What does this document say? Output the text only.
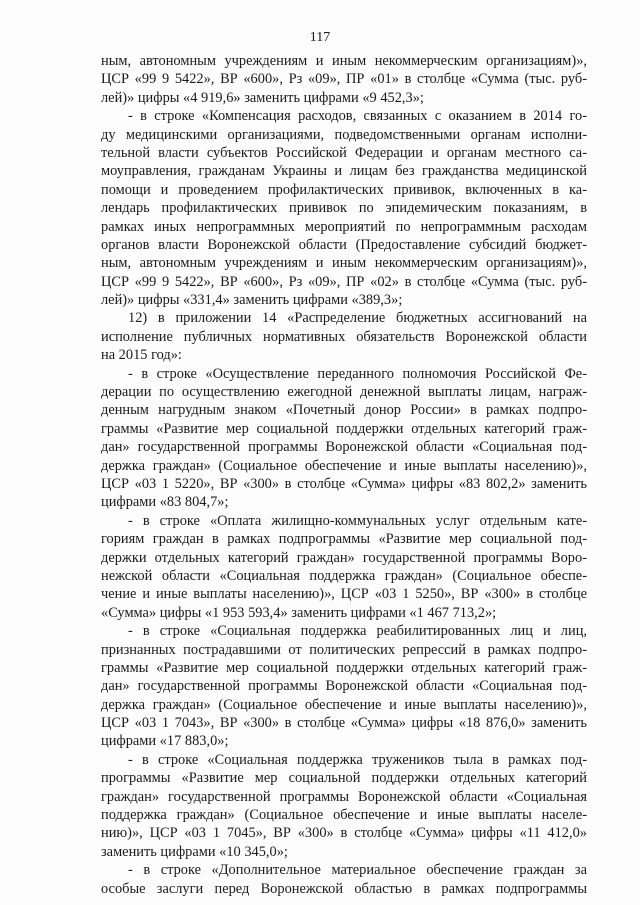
117
ным, автономным учреждениям и иным некоммерческим организациям)»,
ЦСР «99 9 5422», ВР «600», Рз «09», ПР «01» в столбце «Сумма (тыс. руб-
лей)» цифры «4 919,6» заменить цифрами «9 452,3»;
- в строке «Компенсация расходов, связанных с оказанием в 2014 го-
ду медицинскими организациями, подведомственными органам исполни-
тельной власти субъектов Российской Федерации и органам местного са-
моуправления, гражданам Украины и лицам без гражданства медицинской
помощи и проведением профилактических прививок, включенных в ка-
лендарь профилактических прививок по эпидемическим показаниям, в
рамках иных непрограммных мероприятий по непрограммным расходам
органов власти Воронежской области (Предоставление субсидий бюджет-
ным, автономным учреждениям и иным некоммерческим организациям)»,
ЦСР «99 9 5422», ВР «600», Рз «09», ПР «02» в столбце «Сумма (тыс. руб-
лей)» цифры «331,4» заменить цифрами «389,3»;
12) в приложении 14 «Распределение бюджетных ассигнований на
исполнение публичных нормативных обязательств Воронежской области
на 2015 год»:
- в строке «Осуществление переданного полномочия Российской Фе-
дерации по осуществлению ежегодной денежной выплаты лицам, награж-
денным нагрудным знаком «Почетный донор России» в рамках подпро-
граммы «Развитие мер социальной поддержки отдельных категорий граж-
дан» государственной программы Воронежской области «Социальная под-
держка граждан» (Социальное обеспечение и иные выплаты населению)»,
ЦСР «03 1 5220», ВР «300» в столбце «Сумма» цифры «83 802,2» заменить
цифрами «83 804,7»;
- в строке «Оплата жилищно-коммунальных услуг отдельным кате-
гориям граждан в рамках подпрограммы «Развитие мер социальной под-
держки отдельных категорий граждан» государственной программы Воро-
нежской области «Социальная поддержка граждан» (Социальное обеспе-
чение и иные выплаты населению)», ЦСР «03 1 5250», ВР «300» в столбце
«Сумма» цифры «1 953 593,4» заменить цифрами «1 467 713,2»;
- в строке «Социальная поддержка реабилитированных лиц и лиц,
признанных пострадавшими от политических репрессий в рамках подпро-
граммы «Развитие мер социальной поддержки отдельных категорий граж-
дан» государственной программы Воронежской области «Социальная под-
держка граждан» (Социальное обеспечение и иные выплаты населению)»,
ЦСР «03 1 7043», ВР «300» в столбце «Сумма» цифры «18 876,0» заменить
цифрами «17 883,0»;
- в строке «Социальная поддержка тружеников тыла в рамках под-
программы «Развитие мер социальной поддержки отдельных категорий
граждан» государственной программы Воронежской области «Социальная
поддержка граждан» (Социальное обеспечение и иные выплаты населе-
нию)», ЦСР «03 1 7045», ВР «300» в столбце «Сумма» цифры «11 412,0»
заменить цифрами «10 345,0»;
- в строке «Дополнительное материальное обеспечение граждан за
особые заслуги перед Воронежской областью в рамках подпрограммы
